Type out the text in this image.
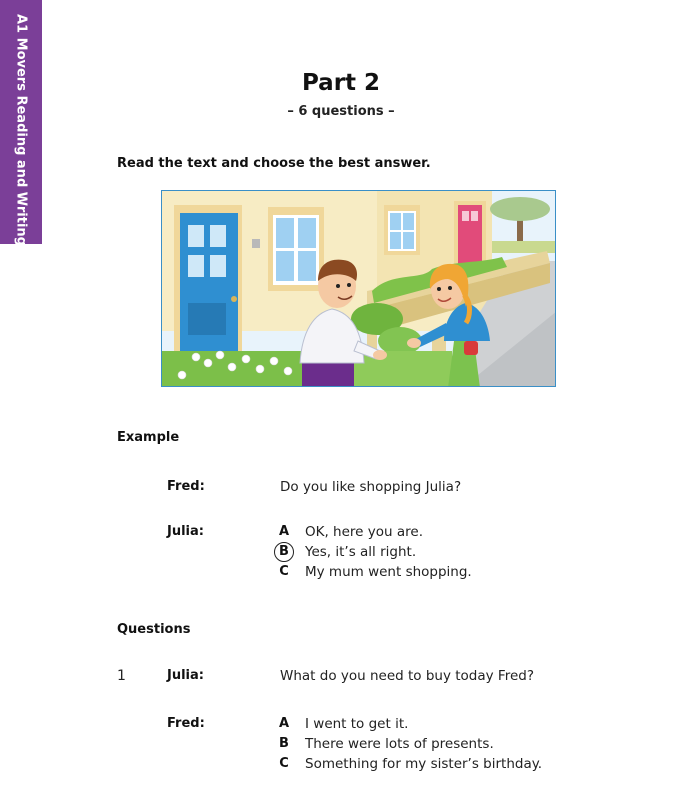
A1 Movers Reading and Writing	Part 2
– 6 questions –
Read the text and choose the best answer.
Example
Fred:	Do you like shopping Julia?
Julia:	A	OK, here you are.
B	Yes, it’s all right.
C	My mum went shopping.
Questions
1	Julia:	What do you need to buy today Fred?
Fred:	A	I went to get it.
B	There were lots of presents.
C	Something for my sister’s birthday.
